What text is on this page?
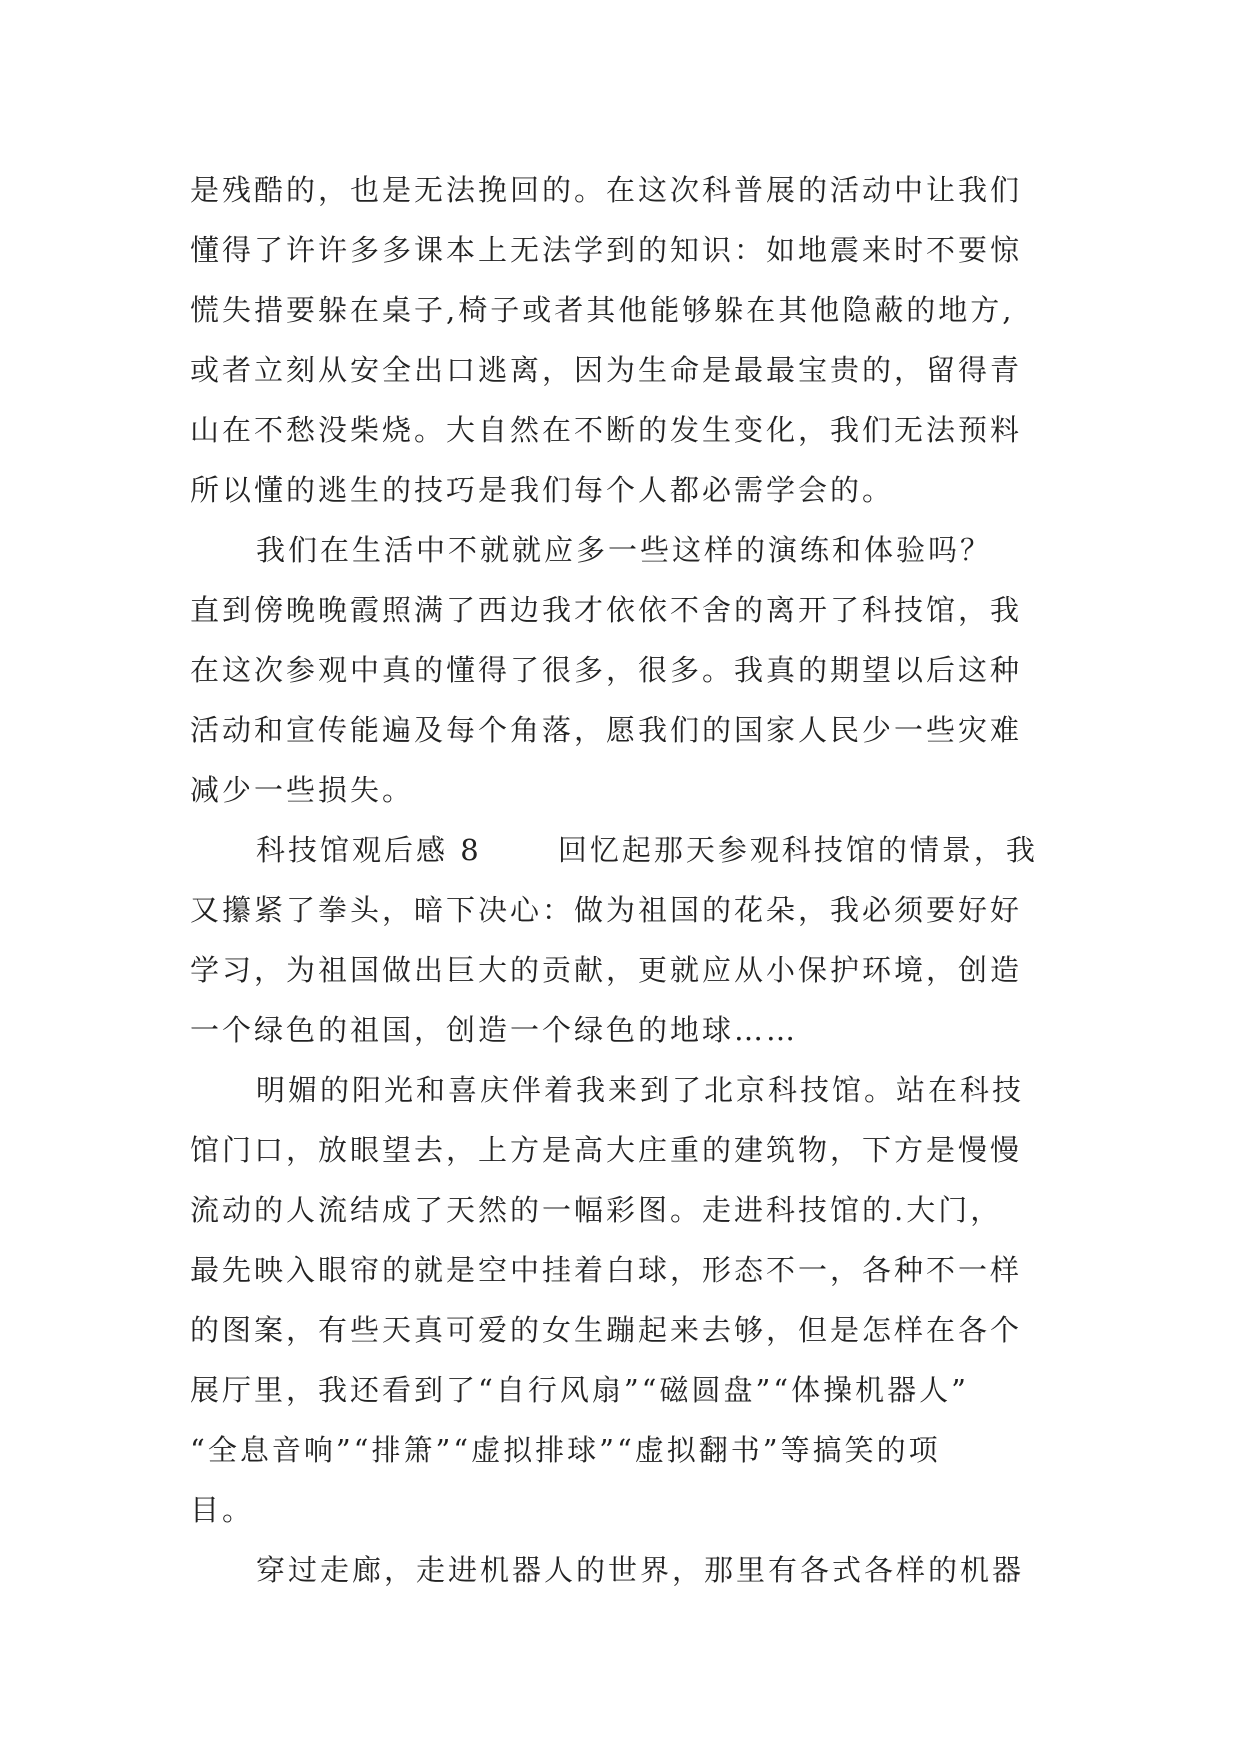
是残酷的，也是无法挽回的。在这次科普展的活动中让我们
懂得了许许多多课本上无法学到的知识：如地震来时不要惊
慌失措要躲在桌子,椅子或者其他能够躲在其他隐蔽的地方,
或者立刻从安全出口逃离，因为生命是最最宝贵的，留得青
山在不愁没柴烧。大自然在不断的发生变化，我们无法预料
所以懂的逃生的技巧是我们每个人都必需学会的。
我们在生活中不就就应多一些这样的演练和体验吗？
直到傍晚晚霞照满了西边我才依依不舍的离开了科技馆，我
在这次参观中真的懂得了很多，很多。我真的期望以后这种
活动和宣传能遍及每个角落，愿我们的国家人民少一些灾难
减少一些损失。
科技馆观后感 8　　 回忆起那天参观科技馆的情景，我
又攥紧了拳头，暗下决心：做为祖国的花朵，我必须要好好
学习，为祖国做出巨大的贡献，更就应从小保护环境，创造
一个绿色的祖国，创造一个绿色的地球……
明媚的阳光和喜庆伴着我来到了北京科技馆。站在科技
馆门口，放眼望去，上方是高大庄重的建筑物，下方是慢慢
流动的人流结成了天然的一幅彩图。走进科技馆的.大门，
最先映入眼帘的就是空中挂着白球，形态不一，各种不一样
的图案，有些天真可爱的女生蹦起来去够，但是怎样在各个
展厅里，我还看到了“自行风扇”“磁圆盘”“体操机器人”
“全息音响”“排箫”“虚拟排球”“虚拟翻书”等搞笑的项
目。
穿过走廊，走进机器人的世界，那里有各式各样的机器
